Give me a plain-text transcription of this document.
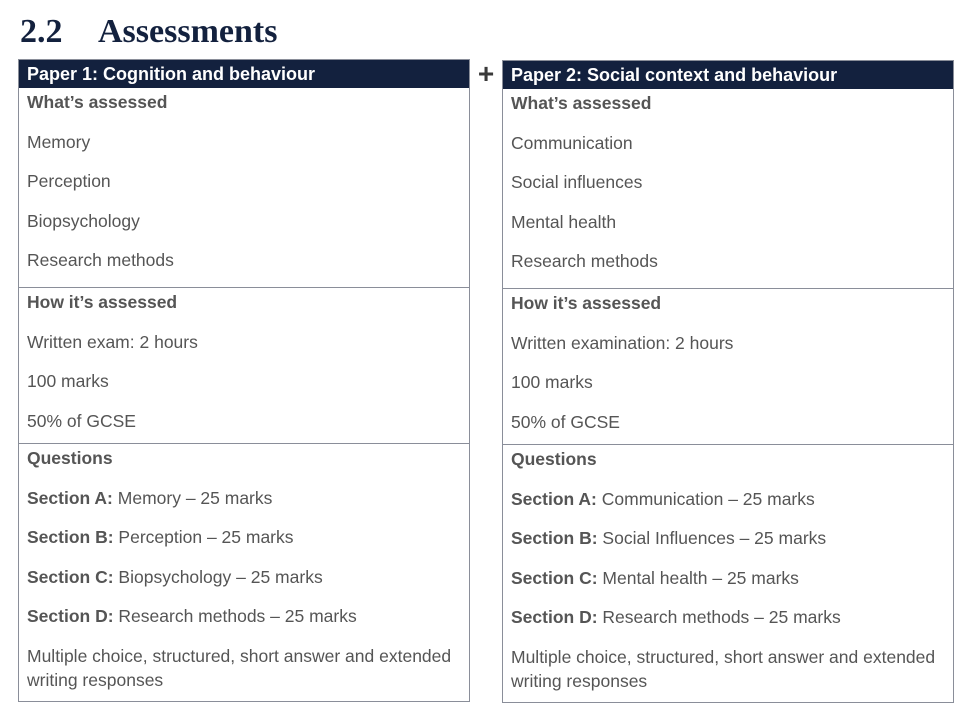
2.2 Assessments
Paper 1: Cognition and behaviour
What’s assessed
Memory
Perception
Biopsychology
Research methods
How it’s assessed
Written exam: 2 hours
100 marks
50% of GCSE
Questions
Section A: Memory – 25 marks
Section B: Perception – 25 marks
Section C: Biopsychology – 25 marks
Section D: Research methods – 25 marks
Multiple choice, structured, short answer and extended writing responses
+ Paper 2: Social context and behaviour
What’s assessed
Communication
Social influences
Mental health
Research methods
How it’s assessed
Written examination: 2 hours
100 marks
50% of GCSE
Questions
Section A: Communication – 25 marks
Section B: Social Influences – 25 marks
Section C: Mental health – 25 marks
Section D: Research methods – 25 marks
Multiple choice, structured, short answer and extended writing responses
